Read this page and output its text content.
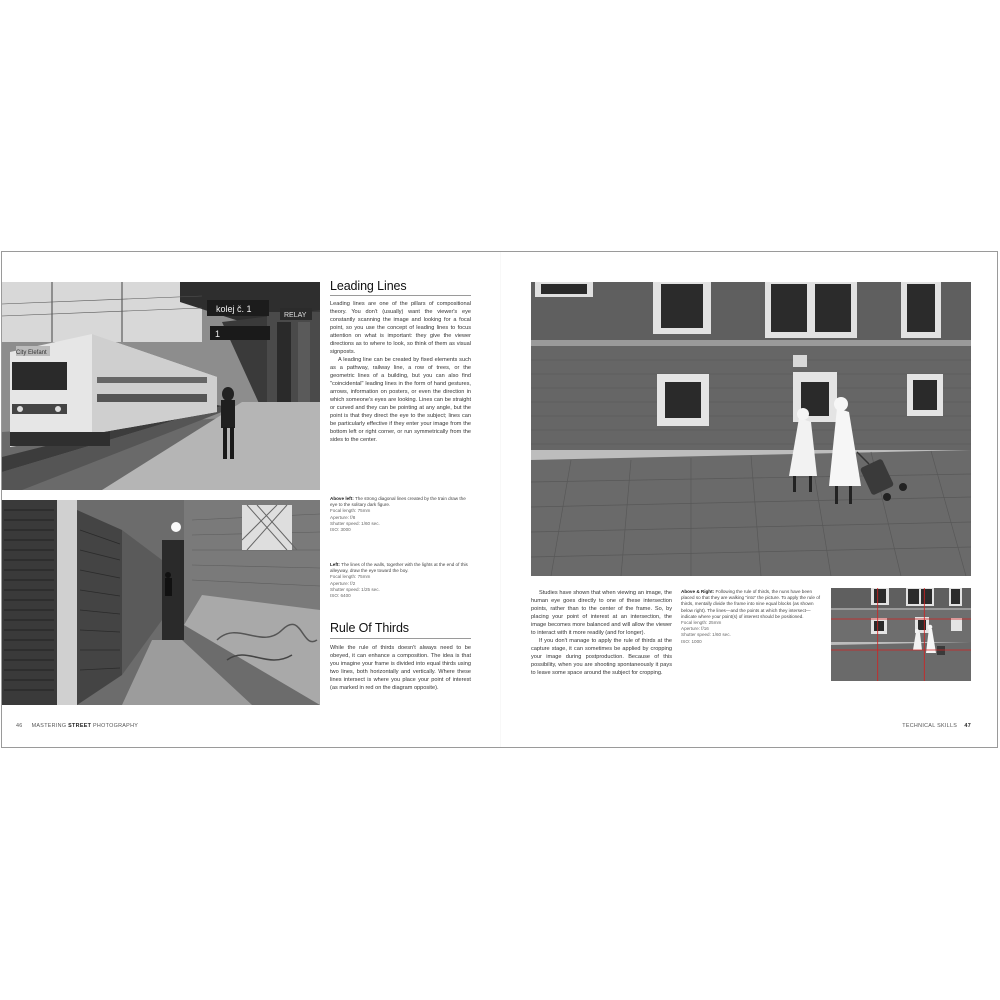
kolej č. 1
RELAY
1
City Elefant
Leading Lines

Leading lines are one of the pillars of compositional theory. You don't (usually) want the viewer's eye constantly scanning the image and looking for a focal point, so you use the concept of leading lines to focus attention on what is important: they give the viewer directions as to where to look, so think of them as visual signposts.

A leading line can be created by fixed elements such as a pathway, railway line, a row of trees, or the geometric lines of a building, but you can also find "coincidental" leading lines in the form of hand gestures, arrows, information on posters, or even the direction in which someone's eyes are looking. Lines can be straight or curved and they can be pointing at any angle, but the point is that they direct the eye to the subject; lines can be particularly effective if they enter your image from the bottom left or right corner, or run symmetrically from the sides to the center.

Above left: The strong diagonal lines created by the train draw the eye to the solitary dark figure.
Focal length: 75mm
Aperture: f/8
Shutter speed: 1/60 sec.
ISO: 3000
Left: The lines of the walls, together with the lights at the end of this alleyway, draw the eye toward the boy.
Focal length: 75mm
Aperture: f/2
Shutter speed: 1/25 sec.
ISO: 6400
Rule Of Thirds

While the rule of thirds doesn't always need to be obeyed, it can enhance a composition. The idea is that you imagine your frame is divided into equal thirds using two lines, both horizontally and vertically. Where these lines intersect is where you place your point of interest (as marked in red on the diagram opposite).

46 MASTERING STREET PHOTOGRAPHY

Studies have shown that when viewing an image, the human eye goes directly to one of these intersection points, rather than to the center of the frame. So, by placing your point of interest at an intersection, the image becomes more balanced and will allow the viewer to interact with it more readily (and for longer).

If you don't manage to apply the rule of thirds at the capture stage, it can sometimes be applied by cropping your image during postproduction. Because of this possibility, when you are shooting spontaneously it pays to leave some space around the subject for cropping.

Above & Right: Following the rule of thirds, the nuns have been placed so that they are walking "into" the picture. To apply the rule of thirds, mentally divide the frame into nine equal blocks (as shown below right). The lines—and the points at which they intersect—indicate where your point(s) of interest should be positioned.
Focal length: 25mm
Aperture: f/16
Shutter speed: 1/60 sec.
ISO: 1000
TECHNICAL SKILLS 47
